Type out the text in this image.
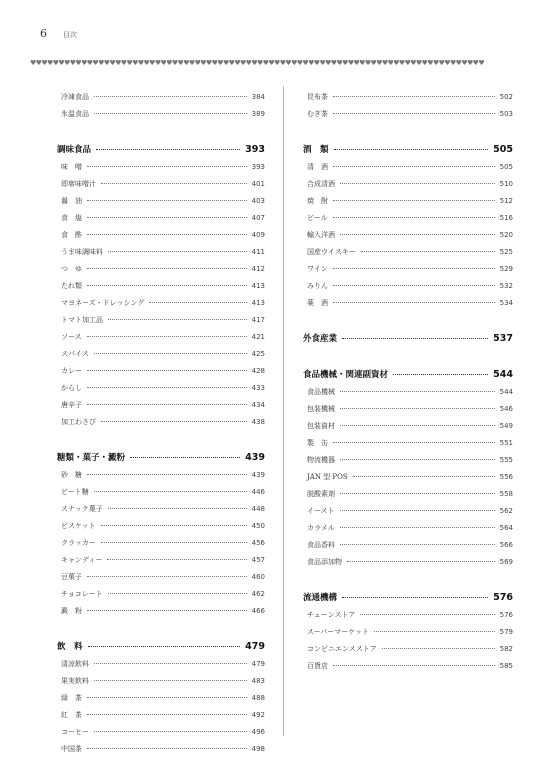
6 目次
♥♥♥♥♥♥♥♥♥♥♥♥♥♥♥♥♥♥♥♥♥♥♥♥♥♥♥♥♥♥♥♥♥♥♥♥♥♥♥♥♥♥♥♥♥♥♥♥♥♥♥♥♥♥♥♥♥♥♥♥♥♥♥♥♥♥♥♥♥♥♥♥♥♥♥♥♥♥♥♥
冷凍食品	384
氷温食品	389
調味食品	393
味　噌	393
即席味噌汁	401
醤　油	403
食　塩	407
食　酢	409
うま味調味料	411
つ　ゆ	412
たれ類	413
マヨネーズ・ドレッシング	413
トマト加工品	417
ソース	421
スパイス	425
カレー	428
からし	433
唐辛子	434
加工わさび	438
糖類・菓子・澱粉	439
砂　糖	439
ビート糖	446
スナック菓子	448
ビスケット	450
クラッカー	456
キャンディー	457
豆菓子	460
チョコレート	462
澱　粉	466
飲　料	479
清涼飲料	479
果実飲料	483
緑　茶	488
紅　茶	492
コーヒー	496
中国茶	498
昆布茶	502
むぎ茶	503
酒　類	505
清　酒	505
合成清酒	510
焼　酎	512
ビール	516
輸入洋酒	520
国産ウイスキー	525
ワイン	529
みりん	532
薬　酒	534
外食産業	537
食品機械・関連副資材	544
食品機械	544
包装機械	546
包装資材	549
製　缶	551
物流機器	555
JAN 型 POS	556
脱酸素剤	558
イースト	562
カラメル	564
食品香料	566
食品添加物	569
流通機構	576
チェーンストア	576
スーパーマーケット	579
コンビニエンスストア	582
百貨店	585
